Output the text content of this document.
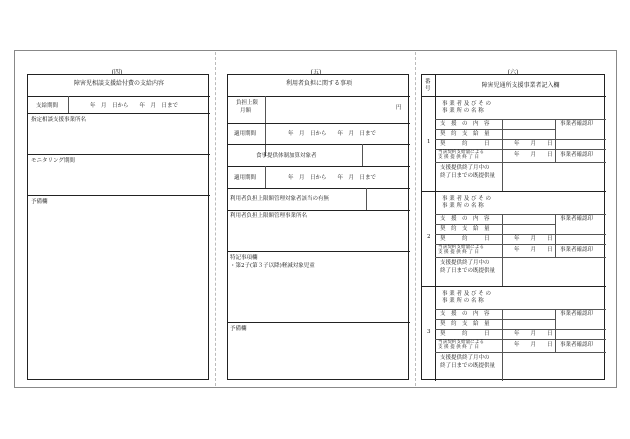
(四)
障害児相談支援給付費の支給内容
支給期間	年　月　日から　　年　月　日まで
指定相談支援事業所名
モニタリング期間
予備欄
(五)
利用者負担に関する事項
負担上限
月額	円
適用期間	年　月　日から　　年　月　日まで
食事提供体制加算対象者
適用期間	年　月　日から　　年　月　日まで
利用者負担上限額管理対象者該当の有無
利用者負担上限額管理事業所名
特記事項欄
・第2子(第３子以降)軽減対象児童
予備欄
(六)
番
号	障害児通所支援事業者記入欄
1
事 業 者 及 び そ の
事 業 所 の 名 称
支　援　の　内　容	事業者確認印
契　約　支　給　量
契　　　約　　　日	年　　月　　日
当該契約支給量による
支 援 提 供 終 了 日	年　　月　　日 事業者確認印
支援提供終了月中の
終了日までの既提供量
2
事 業 者 及 び そ の
事 業 所 の 名 称
支　援　の　内　容	事業者確認印
契　約　支　給　量
契　　　約　　　日	年　　月　　日
当該契約支給量による
支 援 提 供 終 了 日	年　　月　　日 事業者確認印
支援提供終了月中の
終了日までの既提供量
3
事 業 者 及 び そ の
事 業 所 の 名 称
支　援　の　内　容	事業者確認印
契　約　支　給　量
契　　　約　　　日	年　　月　　日
当該契約支給量による
支 援 提 供 終 了 日	年　　月　　日 事業者確認印
支援提供終了月中の
終了日までの既提供量
